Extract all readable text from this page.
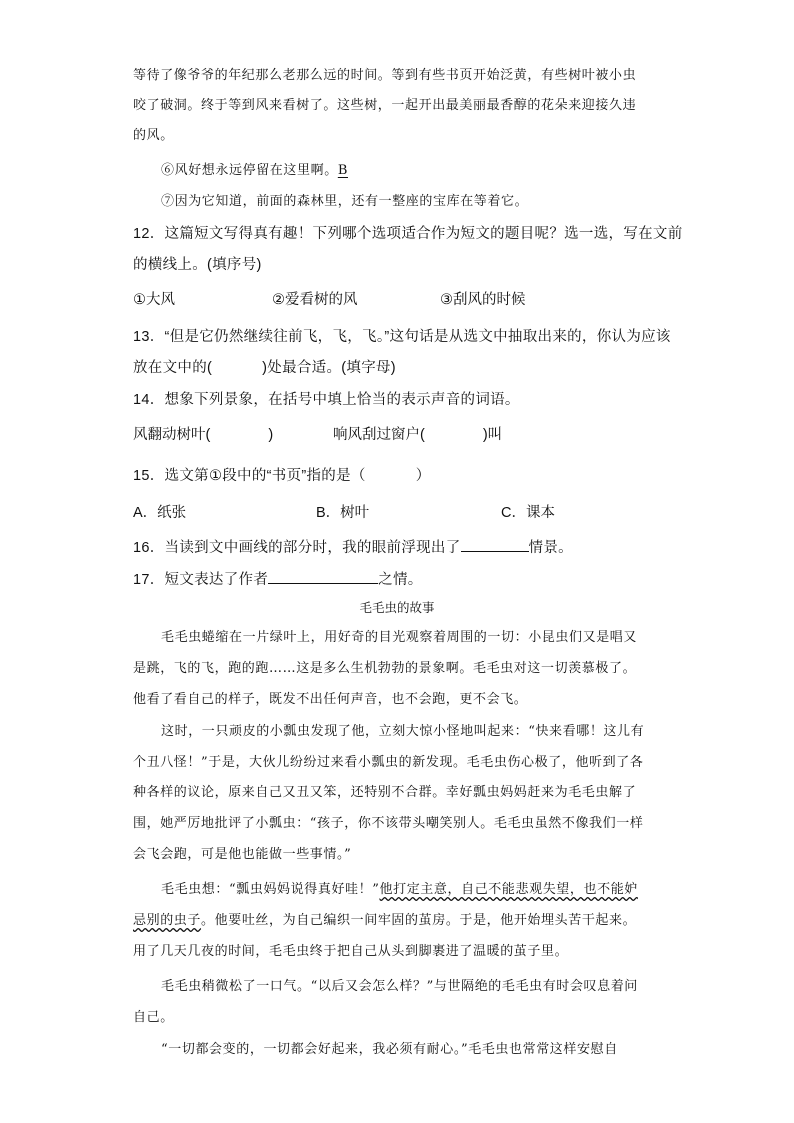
等待了像爷爷的年纪那么老那么远的时间。等到有些书页开始泛黄，有些树叶被小虫
咬了破洞。终于等到风来看树了。这些树，一起开出最美丽最香醇的花朵来迎接久违
的风。
⑥风好想永远停留在这里啊。B
⑦因为它知道，前面的森林里，还有一整座的宝库在等着它。
12．这篇短文写得真有趣！下列哪个选项适合作为短文的题目呢？选一选，写在文前
的横线上。(填序号)
①大风	②爱看树的风	③刮风的时候
13．“但是它仍然继续往前飞，飞，飞。”这句话是从选文中抽取出来的，你认为应该
放在文中的(	)处最合适。(填字母)
14．想象下列景象，在括号中填上恰当的表示声音的词语。
风翻动树叶(	)	响风刮过窗户(	)叫
15．选文第①段中的“书页”指的是（	）
A．纸张	B．树叶	C．课本
16．当读到文中画线的部分时，我的眼前浮现出了	情景。
17．短文表达了作者	之情。
毛毛虫的故事
毛毛虫蜷缩在一片绿叶上，用好奇的目光观察着周围的一切：小昆虫们又是唱又
是跳，飞的飞，跑的跑……这是多么生机勃勃的景象啊。毛毛虫对这一切羡慕极了。
他看了看自己的样子，既发不出任何声音，也不会跑，更不会飞。
这时，一只顽皮的小瓢虫发现了他，立刻大惊小怪地叫起来：“快来看哪！这儿有
个丑八怪！”于是，大伙儿纷纷过来看小瓢虫的新发现。毛毛虫伤心极了，他听到了各
种各样的议论，原来自己又丑又笨，还特别不合群。幸好瓢虫妈妈赶来为毛毛虫解了
围，她严厉地批评了小瓢虫：“孩子，你不该带头嘲笑别人。毛毛虫虽然不像我们一样
会飞会跑，可是他也能做一些事情。”
毛毛虫想：“瓢虫妈妈说得真好哇！”他打定主意，自己不能悲观失望，也不能妒
忌别的虫子。他要吐丝，为自己编织一间牢固的茧房。于是，他开始埋头苦干起来。
用了几天几夜的时间，毛毛虫终于把自己从头到脚裹进了温暖的茧子里。
毛毛虫稍微松了一口气。“以后又会怎么样？”与世隔绝的毛毛虫有时会叹息着问
自己。
“一切都会变的，一切都会好起来，我必须有耐心。”毛毛虫也常常这样安慰自
